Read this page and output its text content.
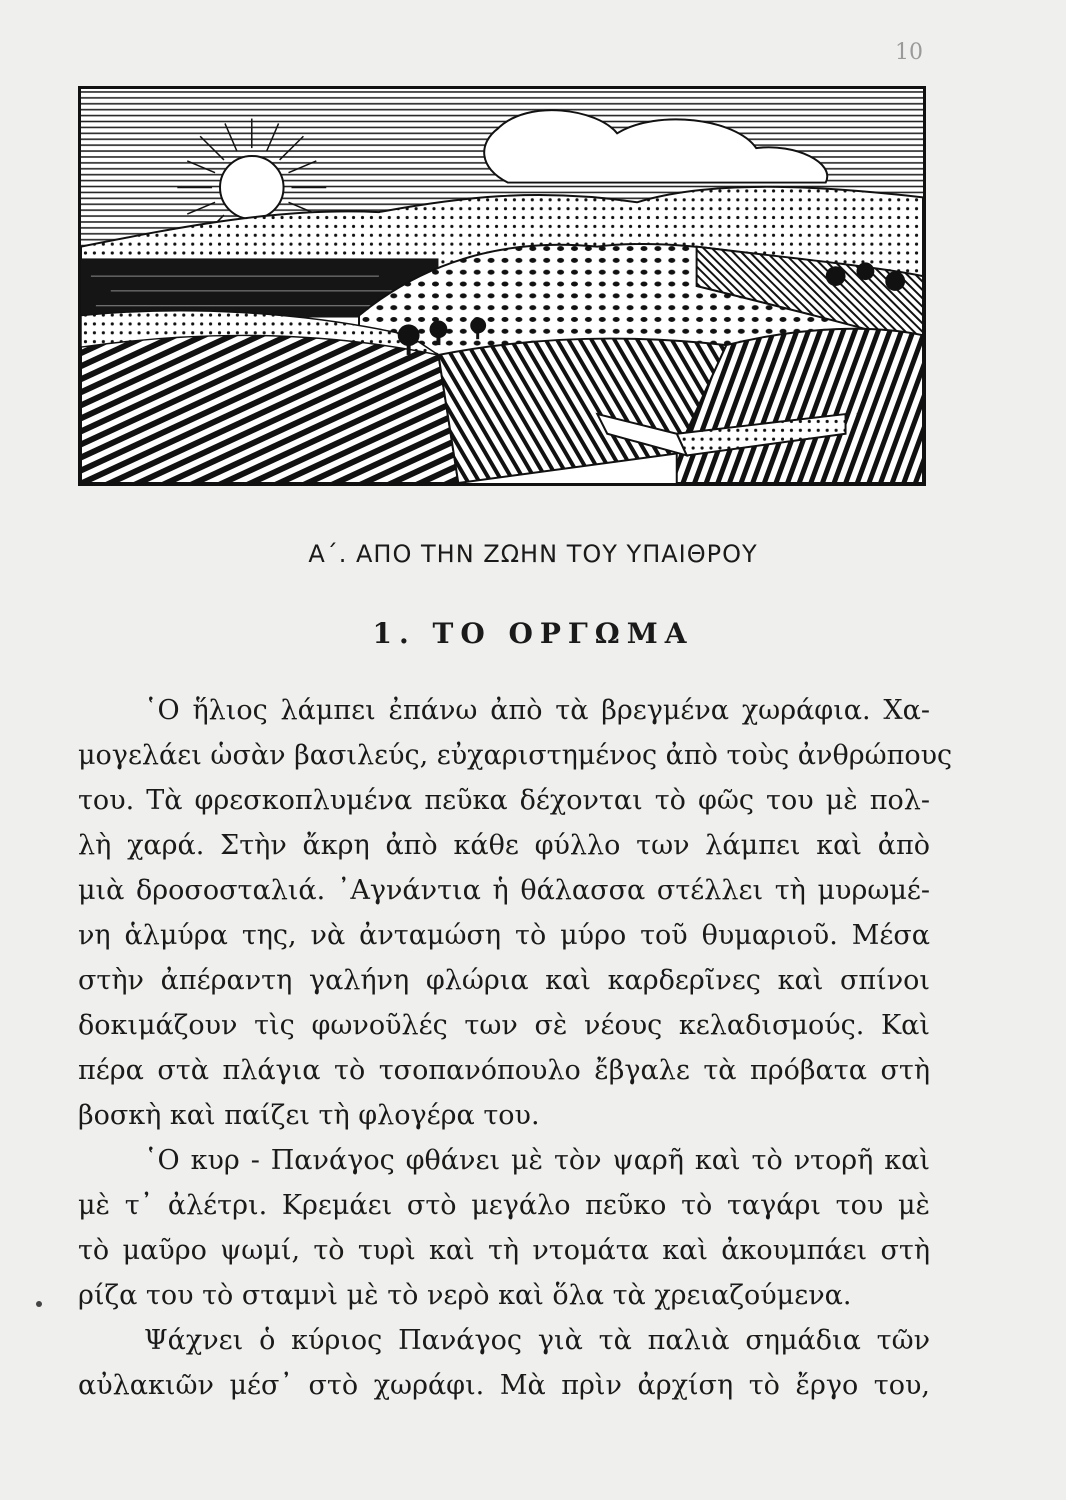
10
Α΄. ΑΠΟ ΤΗΝ ΖΩΗΝ ΤΟΥ ΥΠΑΙΘΡΟΥ
1. ΤΟ ΟΡΓΩΜΑ
῾Ο ἥλιος λάμπει ἐπάνω ἀπὸ τὰ βρεγμένα χωράφια. Χα-
μογελάει ὡσὰν βασιλεύς, εὐχαριστημένος ἀπὸ τοὺς ἀνθρώπους
του. Τὰ φρεσκοπλυμένα πεῦκα δέχονται τὸ φῶς του μὲ πολ-
λὴ χαρά. Στὴν ἄκρη ἀπὸ κάθε φύλλο των λάμπει καὶ ἀπὸ
μιὰ δροσοσταλιά. ᾿Αγνάντια ἡ θάλασσα στέλλει τὴ μυρωμέ-
νη ἁλμύρα της, νὰ ἀνταμώση τὸ μύρο τοῦ θυμαριοῦ. Μέσα
στὴν ἀπέραντη γαλήνη φλώρια καὶ καρδερῖνες καὶ σπίνοι
δοκιμάζουν τὶς φωνοῦλές των σὲ νέους κελαδισμούς. Καὶ
πέρα στὰ πλάγια τὸ τσοπανόπουλο ἔβγαλε τὰ πρόβατα στὴ
βοσκὴ καὶ παίζει τὴ φλογέρα του.
῾Ο κυρ - Πανάγος φθάνει μὲ τὸν ψαρῆ καὶ τὸ ντορῆ καὶ
μὲ τ᾿ ἀλέτρι. Κρεμάει στὸ μεγάλο πεῦκο τὸ ταγάρι του μὲ
τὸ μαῦρο ψωμί, τὸ τυρὶ καὶ τὴ ντομάτα καὶ ἀκουμπάει στὴ
ρίζα του τὸ σταμνὶ μὲ τὸ νερὸ καὶ ὅλα τὰ χρειαζούμενα.
Ψάχνει ὁ κύριος Πανάγος γιὰ τὰ παλιὰ σημάδια τῶν
αὐλακιῶν μέσ᾿ στὸ χωράφι. Μὰ πρὶν ἀρχίση τὸ ἔργο του,
